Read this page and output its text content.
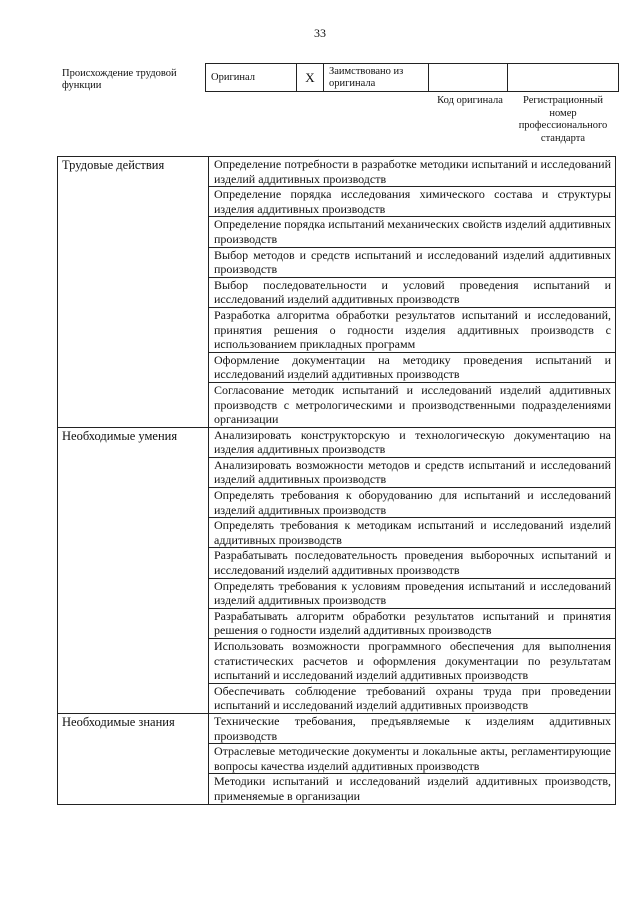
33
Происхождение трудовой функции
Оригинал	X	Заимствовано из оригинала		
Код оригинала	Регистрационный номер профессионального стандарта
Трудовые действия	Определение потребности в разработке методики испытаний и исследований изделий аддитивных производств
	Определение порядка исследования химического состава и структуры изделия аддитивных производств
	Определение порядка испытаний механических свойств изделий аддитивных производств
	Выбор методов и средств испытаний и исследований изделий аддитивных производств
	Выбор последовательности и условий проведения испытаний и исследований изделий аддитивных производств
	Разработка алгоритма обработки результатов испытаний и исследований, принятия решения о годности изделия аддитивных производств с использованием прикладных программ
	Оформление документации на методику проведения испытаний и исследований изделий аддитивных производств
	Согласование методик испытаний и исследований изделий аддитивных производств с метрологическими и производственными подразделениями организации
Необходимые умения	Анализировать конструкторскую и технологическую документацию на изделия аддитивных производств
	Анализировать возможности методов и средств испытаний и исследований изделий аддитивных производств
	Определять требования к оборудованию для испытаний и исследований изделий аддитивных производств
	Определять требования к методикам испытаний и исследований изделий аддитивных производств
	Разрабатывать последовательность проведения выборочных испытаний и исследований изделий аддитивных производств
	Определять требования к условиям проведения испытаний и исследований изделий аддитивных производств
	Разрабатывать алгоритм обработки результатов испытаний и принятия решения о годности изделий аддитивных производств
	Использовать возможности программного обеспечения для выполнения статистических расчетов и оформления документации по результатам испытаний и исследований изделий аддитивных производств
	Обеспечивать соблюдение требований охраны труда при проведении испытаний и исследований изделий аддитивных производств
Необходимые знания	Технические требования, предъявляемые к изделиям аддитивных производств
	Отраслевые методические документы и локальные акты, регламентирующие вопросы качества изделий аддитивных производств
	Методики испытаний и исследований изделий аддитивных производств, применяемые в организации
